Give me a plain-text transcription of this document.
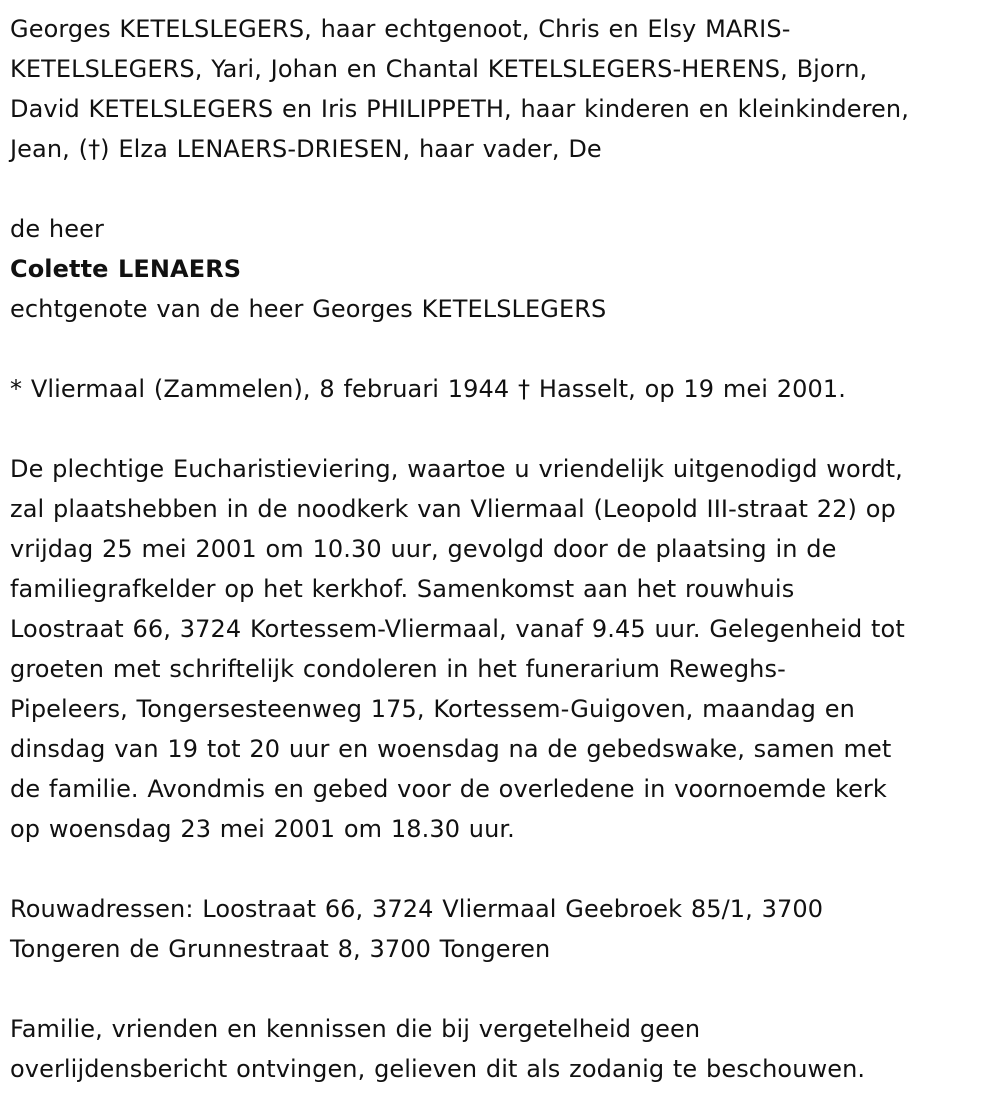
Georges KETELSLEGERS, haar echtgenoot, Chris en Elsy MARIS-
KETELSLEGERS, Yari, Johan en Chantal KETELSLEGERS-HERENS, Bjorn,
David KETELSLEGERS en Iris PHILIPPETH, haar kinderen en kleinkinderen,
Jean, (†) Elza LENAERS-DRIESEN, haar vader, De
de heer
Colette LENAERS
echtgenote van de heer Georges KETELSLEGERS
* Vliermaal (Zammelen), 8 februari 1944 † Hasselt, op 19 mei 2001.
De plechtige Eucharistieviering, waartoe u vriendelijk uitgenodigd wordt,
zal plaatshebben in de noodkerk van Vliermaal (Leopold III-straat 22) op
vrijdag 25 mei 2001 om 10.30 uur, gevolgd door de plaatsing in de
familiegrafkelder op het kerkhof. Samenkomst aan het rouwhuis
Loostraat 66, 3724 Kortessem-Vliermaal, vanaf 9.45 uur. Gelegenheid tot
groeten met schriftelijk condoleren in het funerarium Reweghs-
Pipeleers, Tongersesteenweg 175, Kortessem-Guigoven, maandag en
dinsdag van 19 tot 20 uur en woensdag na de gebedswake, samen met
de familie. Avondmis en gebed voor de overledene in voornoemde kerk
op woensdag 23 mei 2001 om 18.30 uur.
Rouwadressen: Loostraat 66, 3724 Vliermaal Geebroek 85/1, 3700
Tongeren de Grunnestraat 8, 3700 Tongeren
Familie, vrienden en kennissen die bij vergetelheid geen
overlijdensbericht ontvingen, gelieven dit als zodanig te beschouwen.
